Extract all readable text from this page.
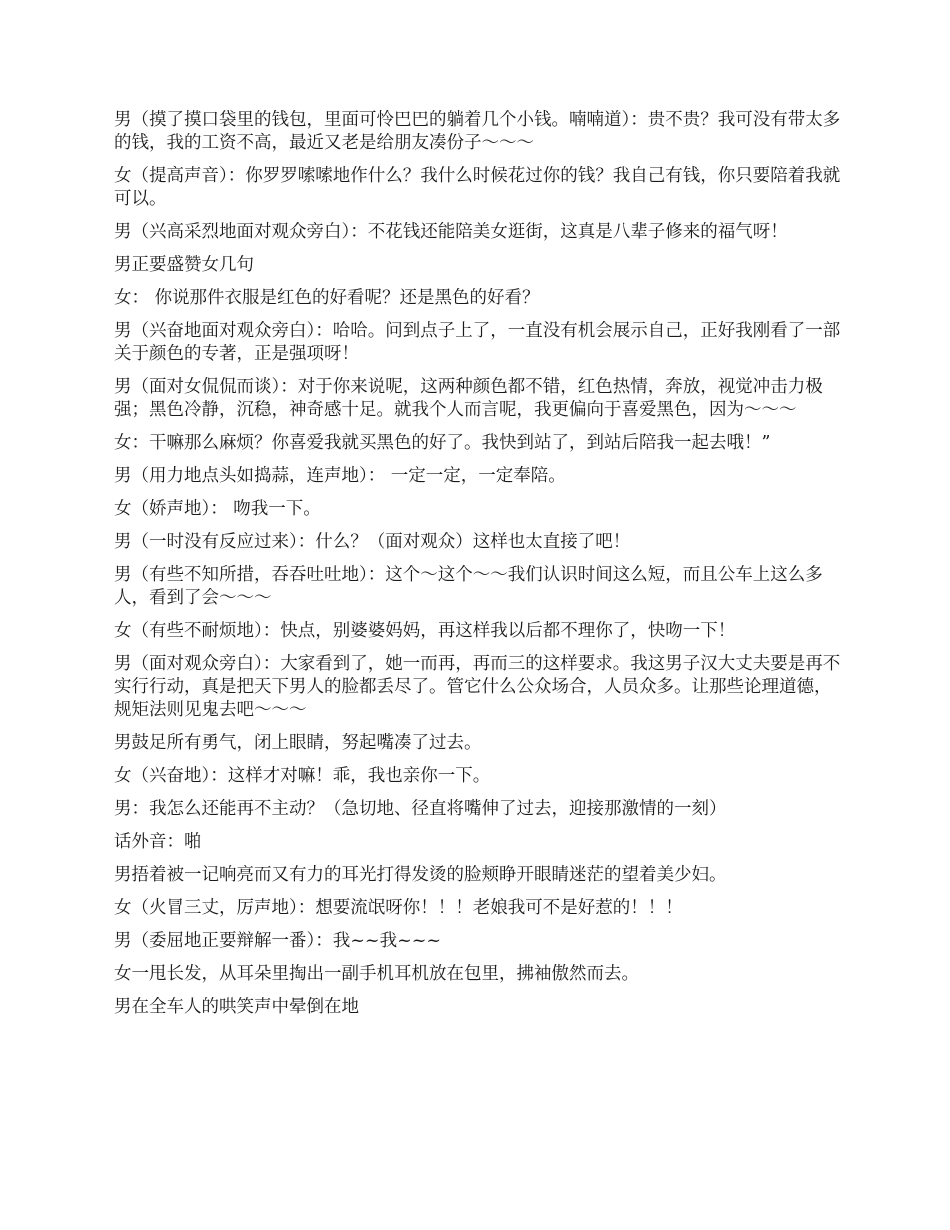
男（摸了摸口袋里的钱包，里面可怜巴巴的躺着几个小钱。喃喃道）：贵不贵？我可没有带太多的钱，我的工资不高，最近又老是给朋友凑份子～～～

女（提高声音）：你罗罗嗦嗦地作什么？我什么时候花过你的钱？我自己有钱，你只要陪着我就可以。

男（兴高采烈地面对观众旁白）：不花钱还能陪美女逛街，这真是八辈子修来的福气呀！

男正要盛赞女几句

女： 你说那件衣服是红色的好看呢？还是黑色的好看？

男（兴奋地面对观众旁白）：哈哈。问到点子上了，一直没有机会展示自己，正好我刚看了一部关于颜色的专著，正是强项呀！

男（面对女侃侃而谈）：对于你来说呢，这两种颜色都不错，红色热情，奔放，视觉冲击力极强；黑色冷静，沉稳，神奇感十足。就我个人而言呢，我更偏向于喜爱黑色，因为～～～

女：干嘛那么麻烦？你喜爱我就买黑色的好了。我快到站了，到站后陪我一起去哦！”

男（用力地点头如捣蒜，连声地）： 一定一定，一定奉陪。

女（娇声地）： 吻我一下。

男（一时没有反应过来）：什么？（面对观众）这样也太直接了吧！

男（有些不知所措，吞吞吐吐地）：这个～这个～～我们认识时间这么短，而且公车上这么多人，看到了会～～～

女（有些不耐烦地）：快点，别婆婆妈妈，再这样我以后都不理你了，快吻一下！

男（面对观众旁白）：大家看到了，她一而再，再而三的这样要求。我这男子汉大丈夫要是再不实行行动，真是把天下男人的脸都丢尽了。管它什么公众场合，人员众多。让那些论理道德，规矩法则见鬼去吧～～～

男鼓足所有勇气，闭上眼睛，努起嘴凑了过去。

女（兴奋地）：这样才对嘛！乖，我也亲你一下。

男：我怎么还能再不主动？（急切地、径直将嘴伸了过去，迎接那激情的一刻）

话外音：啪

男捂着被一记响亮而又有力的耳光打得发烫的脸颊睁开眼睛迷茫的望着美少妇。

女（火冒三丈，厉声地）：想要流氓呀你！！！老娘我可不是好惹的！！！

男（委屈地正要辩解一番）：我~~我~~~

女一甩长发，从耳朵里掏出一副手机耳机放在包里，拂袖傲然而去。

男在全车人的哄笑声中晕倒在地
